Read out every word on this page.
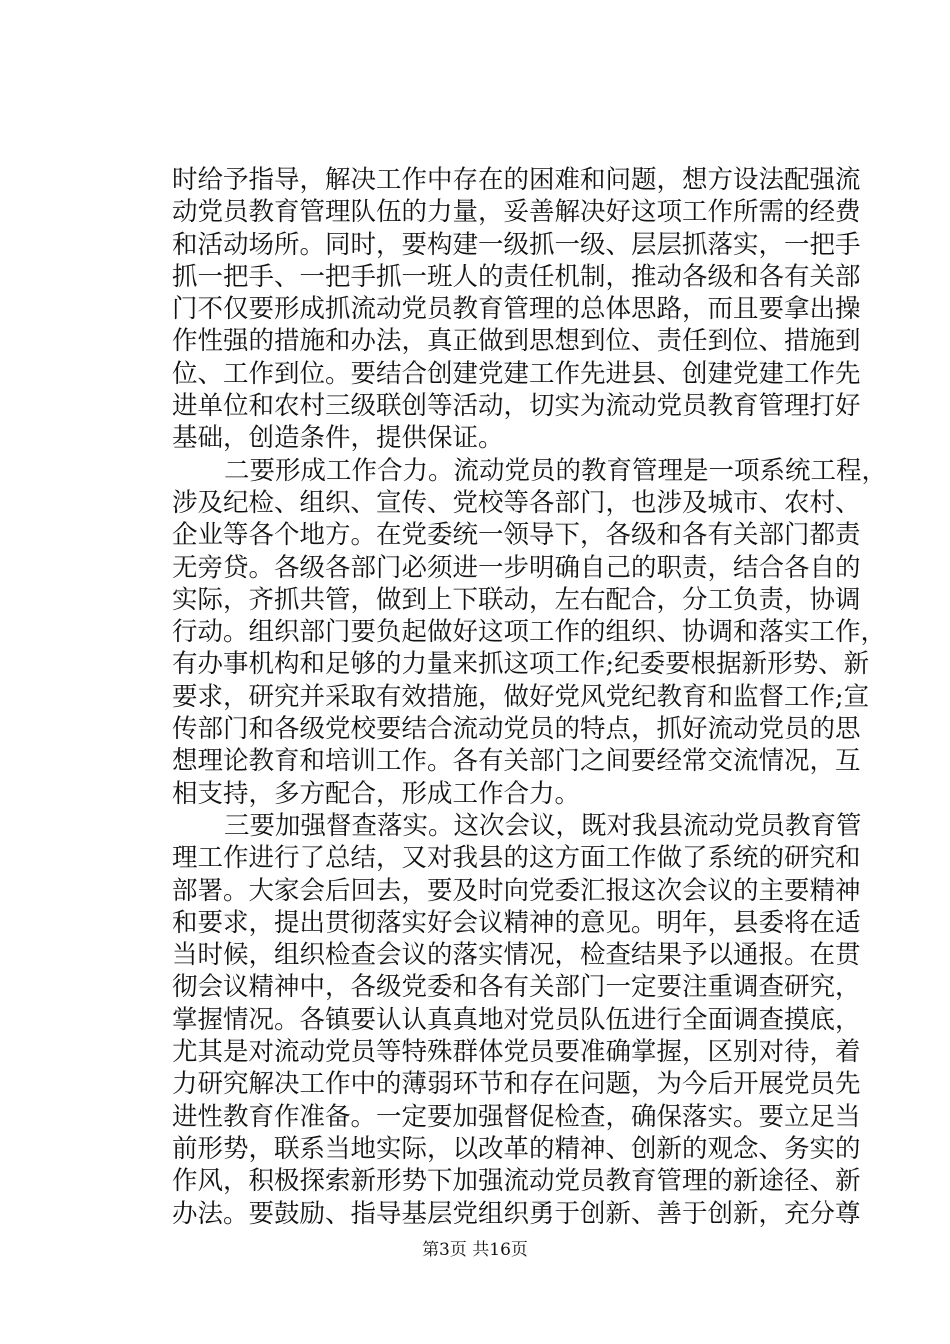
时给予指导，解决工作中存在的困难和问题，想方设法配强流
动党员教育管理队伍的力量，妥善解决好这项工作所需的经费
和活动场所。同时，要构建一级抓一级、层层抓落实，一把手
抓一把手、一把手抓一班人的责任机制，推动各级和各有关部
门不仅要形成抓流动党员教育管理的总体思路，而且要拿出操
作性强的措施和办法，真正做到思想到位、责任到位、措施到
位、工作到位。要结合创建党建工作先进县、创建党建工作先
进单位和农村三级联创等活动，切实为流动党员教育管理打好
基础，创造条件，提供保证。
二要形成工作合力。流动党员的教育管理是一项系统工程，
涉及纪检、组织、宣传、党校等各部门，也涉及城市、农村、
企业等各个地方。在党委统一领导下，各级和各有关部门都责
无旁贷。各级各部门必须进一步明确自己的职责，结合各自的
实际，齐抓共管，做到上下联动，左右配合，分工负责，协调
行动。组织部门要负起做好这项工作的组织、协调和落实工作，
有办事机构和足够的力量来抓这项工作;纪委要根据新形势、新
要求，研究并采取有效措施，做好党风党纪教育和监督工作;宣
传部门和各级党校要结合流动党员的特点，抓好流动党员的思
想理论教育和培训工作。各有关部门之间要经常交流情况，互
相支持，多方配合，形成工作合力。
三要加强督查落实。这次会议，既对我县流动党员教育管
理工作进行了总结，又对我县的这方面工作做了系统的研究和
部署。大家会后回去，要及时向党委汇报这次会议的主要精神
和要求，提出贯彻落实好会议精神的意见。明年，县委将在适
当时候，组织检查会议的落实情况，检查结果予以通报。在贯
彻会议精神中，各级党委和各有关部门一定要注重调查研究，
掌握情况。各镇要认认真真地对党员队伍进行全面调查摸底，
尤其是对流动党员等特殊群体党员要准确掌握，区别对待，着
力研究解决工作中的薄弱环节和存在问题，为今后开展党员先
进性教育作准备。一定要加强督促检查，确保落实。要立足当
前形势，联系当地实际，以改革的精神、创新的观念、务实的
作风，积极探索新形势下加强流动党员教育管理的新途径、新
办法。要鼓励、指导基层党组织勇于创新、善于创新，充分尊
第3页 共16页
